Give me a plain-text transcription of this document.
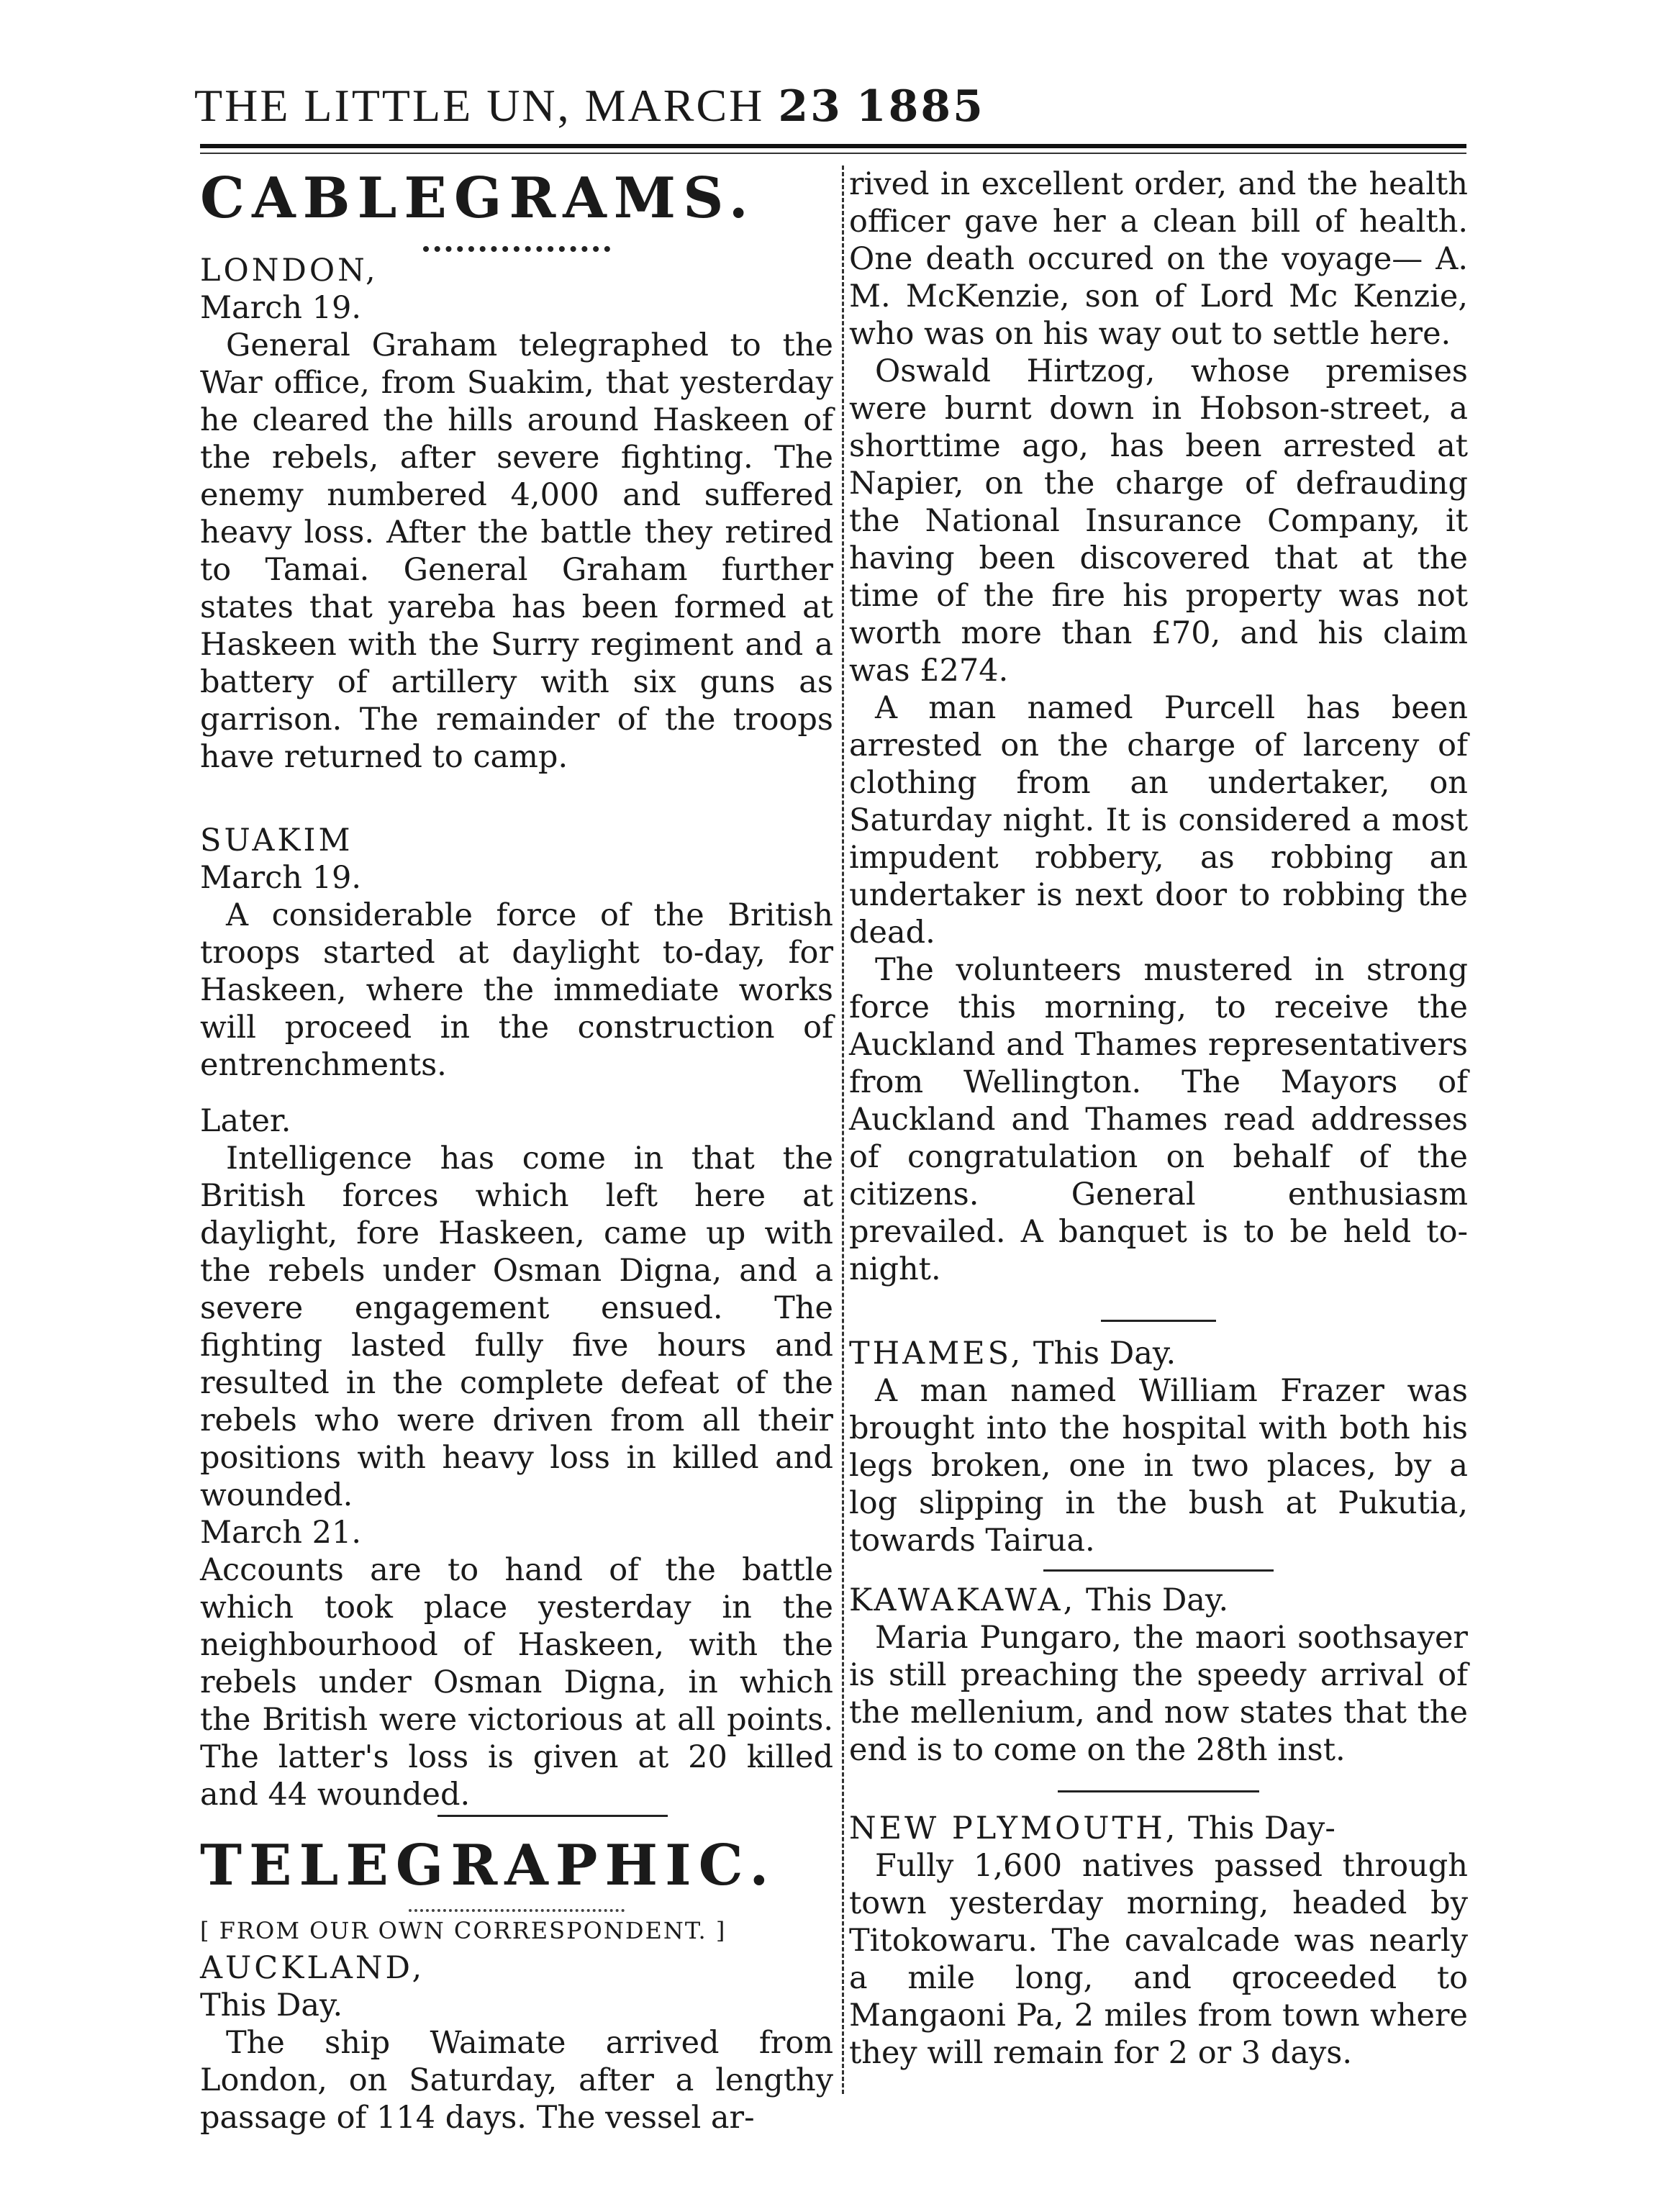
THE LITTLE UN, MARCH 23 1885

CABLEGRAMS.

LONDON,

March 19.

General Graham telegraphed to the War office, from Suakim, that yesterday he cleared the hills around Haskeen of the rebels, after severe fighting. The enemy numbered 4,000 and suffered heavy loss. After the battle they retired to Tamai. General Graham further states that yareba has been formed at Haskeen with the Surry regiment and a battery of artillery with six guns as garrison. The remainder of the troops have returned to camp.

SUAKIM

March 19.

A considerable force of the British troops started at daylight to-day, for Haskeen, where the immediate works will proceed in the construction of entrenchments.

Later.

Intelligence has come in that the British forces which left here at daylight, fore Haskeen, came up with the rebels under Osman Digna, and a severe engagement ensued. The fighting lasted fully five hours and resulted in the complete defeat of the rebels who were driven from all their positions with heavy loss in killed and wounded.

March 21.

Accounts are to hand of the battle which took place yesterday in the neighbourhood of Haskeen, with the rebels under Osman Digna, in which the British were victorious at all points. The latter's loss is given at 20 killed and 44 wounded.

TELEGRAPHIC.

[ FROM OUR OWN CORRESPONDENT. ]

AUCKLAND,

This Day.

The ship Waimate arrived from London, on Saturday, after a lengthy passage of 114 days. The vessel ar-

rived in excellent order, and the health officer gave her a clean bill of health. One death occured on the voyage— A. M. McKenzie, son of Lord Mc Kenzie, who was on his way out to settle here.

Oswald Hirtzog, whose premises were burnt down in Hobson-street, a shorttime ago, has been arrested at Napier, on the charge of defrauding the National Insurance Company, it having been discovered that at the time of the fire his property was not worth more than £70, and his claim was £274.

A man named Purcell has been arrested on the charge of larceny of clothing from an undertaker, on Saturday night. It is considered a most impudent robbery, as robbing an undertaker is next door to robbing the dead.

The volunteers mustered in strong force this morning, to receive the Auckland and Thames representativers from Wellington. The Mayors of Auckland and Thames read addresses of congratulation on behalf of the citizens. General enthusiasm prevailed. A banquet is to be held to-night.

THAMES, This Day.

A man named William Frazer was brought into the hospital with both his legs broken, one in two places, by a log slipping in the bush at Pukutia, towards Tairua.

KAWAKAWA, This Day.

Maria Pungaro, the maori soothsayer is still preaching the speedy arrival of the mellenium, and now states that the end is to come on the 28th inst.

NEW PLYMOUTH, This Day-

Fully 1,600 natives passed through town yesterday morning, headed by Titokowaru. The cavalcade was nearly a mile long, and qroceeded to Mangaoni Pa, 2 miles from town where they will remain for 2 or 3 days.
